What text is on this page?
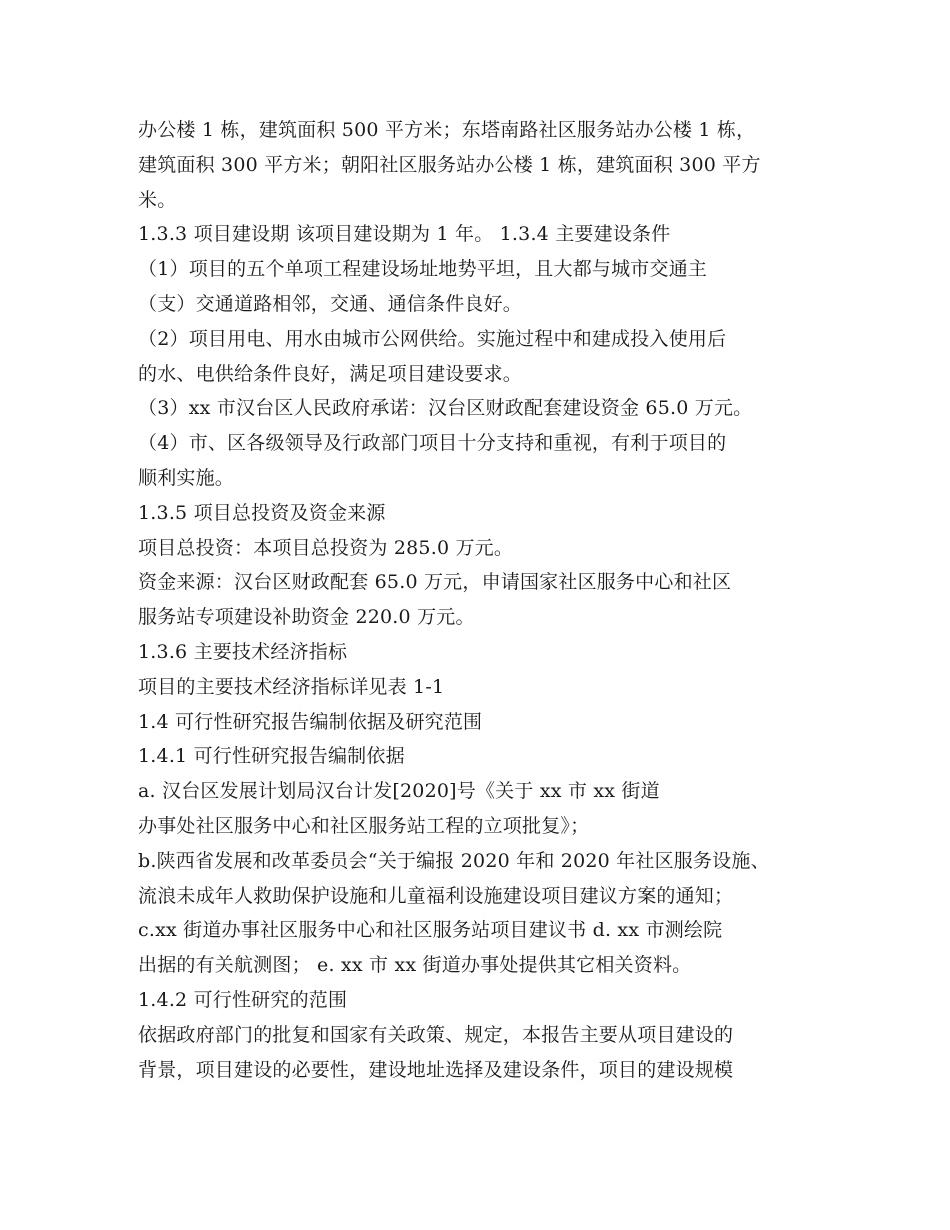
办公楼 1 栋，建筑面积 500 平方米；东塔南路社区服务站办公楼 1 栋，
建筑面积 300 平方米；朝阳社区服务站办公楼 1 栋，建筑面积 300 平方
米。
1.3.3 项目建设期 该项目建设期为 1 年。 1.3.4 主要建设条件
（1）项目的五个单项工程建设场址地势平坦，且大都与城市交通主
（支）交通道路相邻，交通、通信条件良好。
（2）项目用电、用水由城市公网供给。实施过程中和建成投入使用后
的水、电供给条件良好，满足项目建设要求。
（3）xx 市汉台区人民政府承诺：汉台区财政配套建设资金 65.0 万元。
（4）市、区各级领导及行政部门项目十分支持和重视，有利于项目的
顺利实施。
1.3.5 项目总投资及资金来源
项目总投资：本项目总投资为 285.0 万元。
资金来源：汉台区财政配套 65.0 万元，申请国家社区服务中心和社区
服务站专项建设补助资金 220.0 万元。
1.3.6 主要技术经济指标
项目的主要技术经济指标详见表 1-1
1.4 可行性研究报告编制依据及研究范围
1.4.1 可行性研究报告编制依据
a. 汉台区发展计划局汉台计发[2020]号《关于 xx 市 xx 街道
办事处社区服务中心和社区服务站工程的立项批复》；
b.陕西省发展和改革委员会“关于编报 2020 年和 2020 年社区服务设施、
流浪未成年人救助保护设施和儿童福利设施建设项目建议方案的通知；
c.xx 街道办事社区服务中心和社区服务站项目建议书 d. xx 市测绘院
出据的有关航测图； e. xx 市 xx 街道办事处提供其它相关资料。
1.4.2 可行性研究的范围
依据政府部门的批复和国家有关政策、规定，本报告主要从项目建设的
背景，项目建设的必要性，建设地址选择及建设条件，项目的建设规模
